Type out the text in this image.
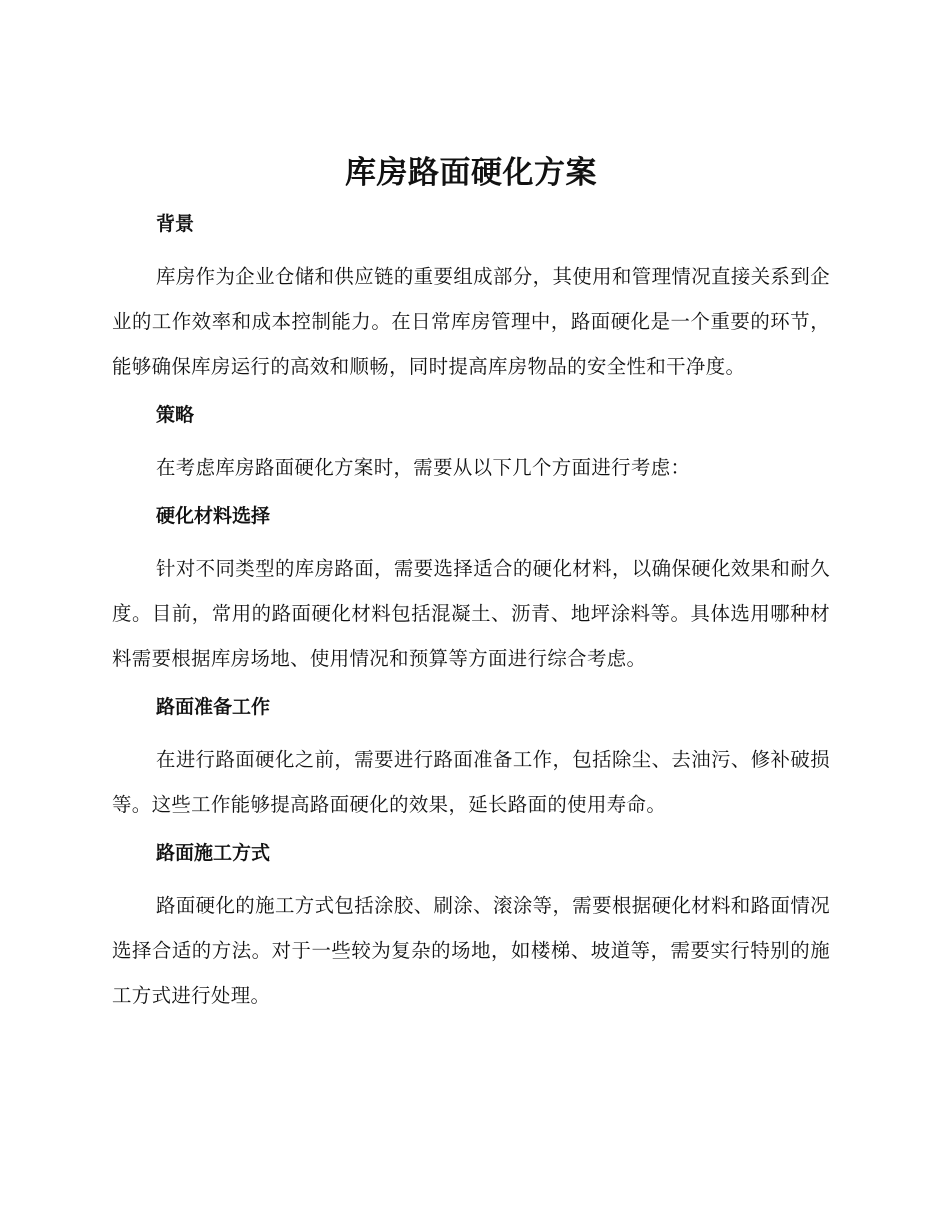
库房路面硬化方案
背景

库房作为企业仓储和供应链的重要组成部分，其使用和管理情况直接关系到企业的工作效率和成本控制能力。在日常库房管理中，路面硬化是一个重要的环节，能够确保库房运行的高效和顺畅，同时提高库房物品的安全性和干净度。

策略

在考虑库房路面硬化方案时，需要从以下几个方面进行考虑：

硬化材料选择

针对不同类型的库房路面，需要选择适合的硬化材料，以确保硬化效果和耐久度。目前，常用的路面硬化材料包括混凝土、沥青、地坪涂料等。具体选用哪种材料需要根据库房场地、使用情况和预算等方面进行综合考虑。

路面准备工作

在进行路面硬化之前，需要进行路面准备工作，包括除尘、去油污、修补破损等。这些工作能够提高路面硬化的效果，延长路面的使用寿命。

路面施工方式

路面硬化的施工方式包括涂胶、刷涂、滚涂等，需要根据硬化材料和路面情况选择合适的方法。对于一些较为复杂的场地，如楼梯、坡道等，需要实行特别的施工方式进行处理。
